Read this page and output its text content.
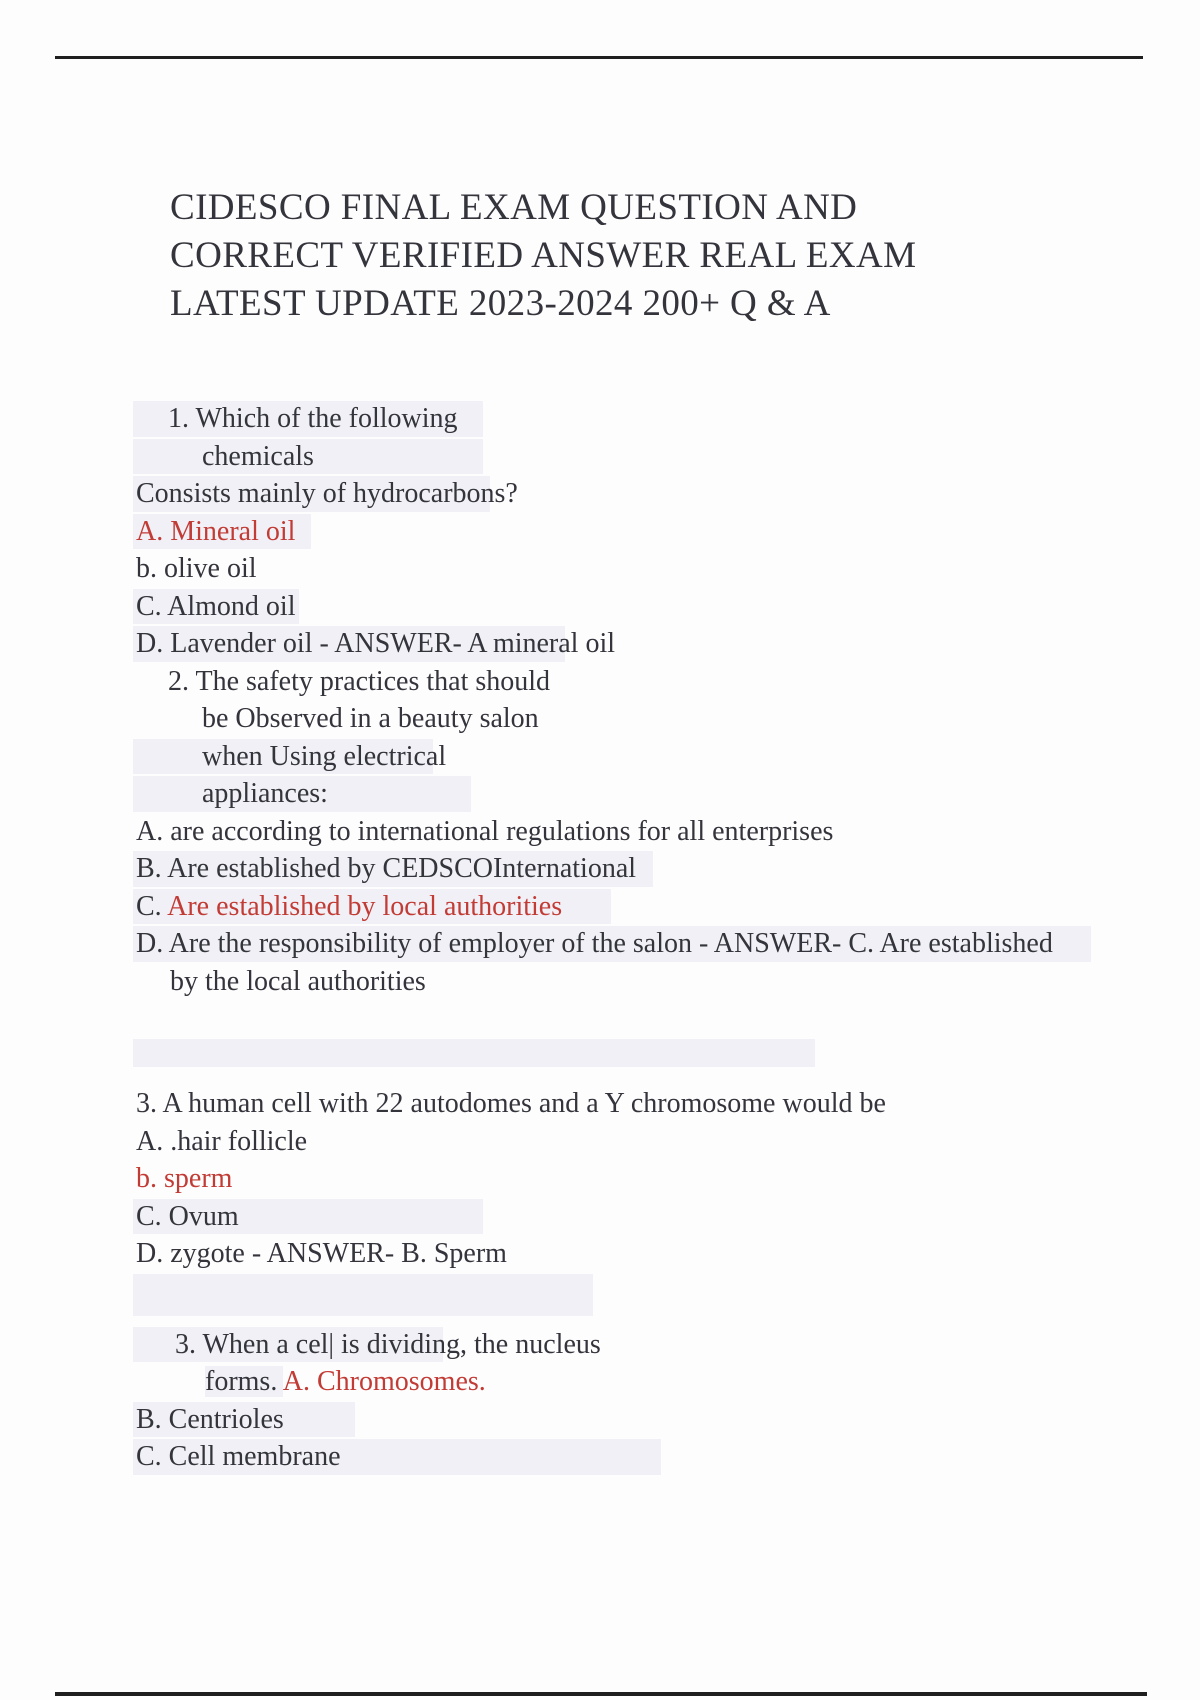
CIDESCO FINAL EXAM QUESTION AND
CORRECT VERIFIED ANSWER REAL EXAM
LATEST UPDATE 2023-2024 200+ Q & A
1. Which of the following
chemicals
Consists mainly of hydrocarbons?
A. Mineral oil
b. olive oil
C. Almond oil
D. Lavender oil - ANSWER- A mineral oil
2. The safety practices that should
be Observed in a beauty salon
when Using electrical
appliances:
A. are according to international regulations for all enterprises
B. Are established by CEDSCOInternational
C. Are established by local authorities
D. Are the responsibility of employer of the salon - ANSWER- C. Are established
by the local authorities
3. A human cell with 22 autodomes and a Y chromosome would be
A. .hair follicle
b. sperm
C. Ovum
D. zygote - ANSWER- B. Sperm
3. When a cel| is dividing, the nucleus
forms. A. Chromosomes.
B. Centrioles
C. Cell membrane
